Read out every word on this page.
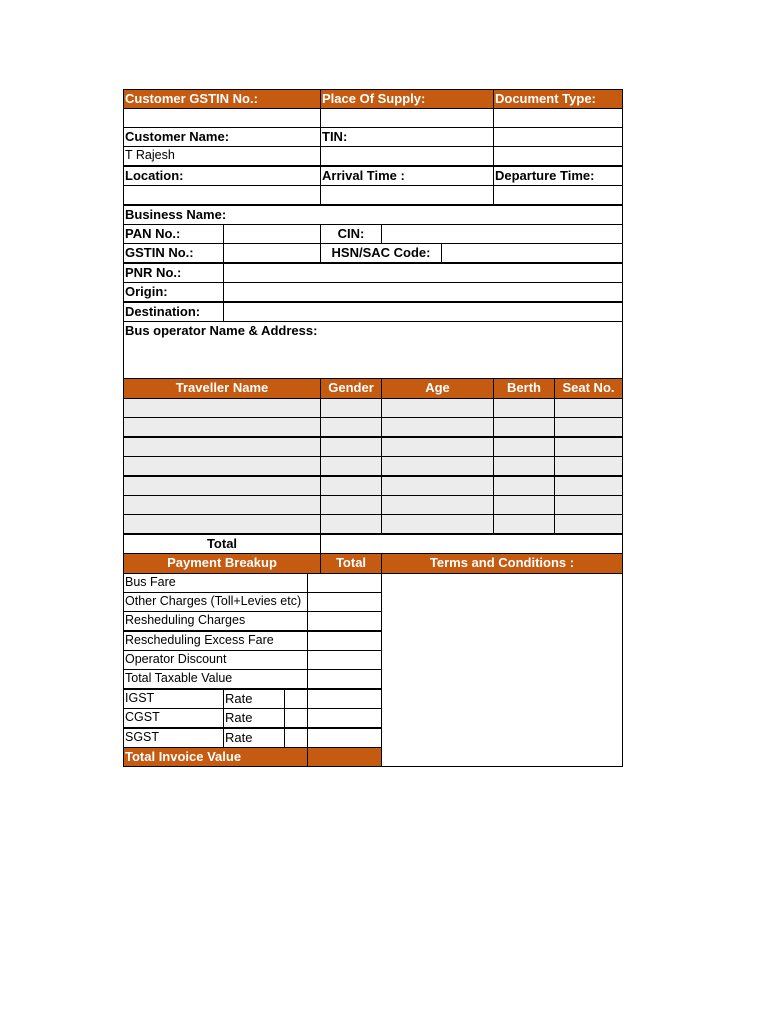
Customer GSTIN No.:	Place Of Supply:	Document Type:
Customer Name:	TIN:
T Rajesh
Location:	Arrival Time :	Departure Time:
Business Name:
PAN No.:	CIN:
GSTIN No.:	HSN/SAC Code:
PNR No.:
Origin:
Destination:
Bus operator Name & Address:
Traveller Name	Gender	Age	Berth	Seat No.
Total
Payment Breakup	Total	Terms and Conditions :
Bus Fare
Other Charges (Toll+Levies etc)
Resheduling Charges
Rescheduling Excess Fare
Operator Discount
Total Taxable Value
IGST	Rate
CGST	Rate
SGST	Rate
Total Invoice Value
